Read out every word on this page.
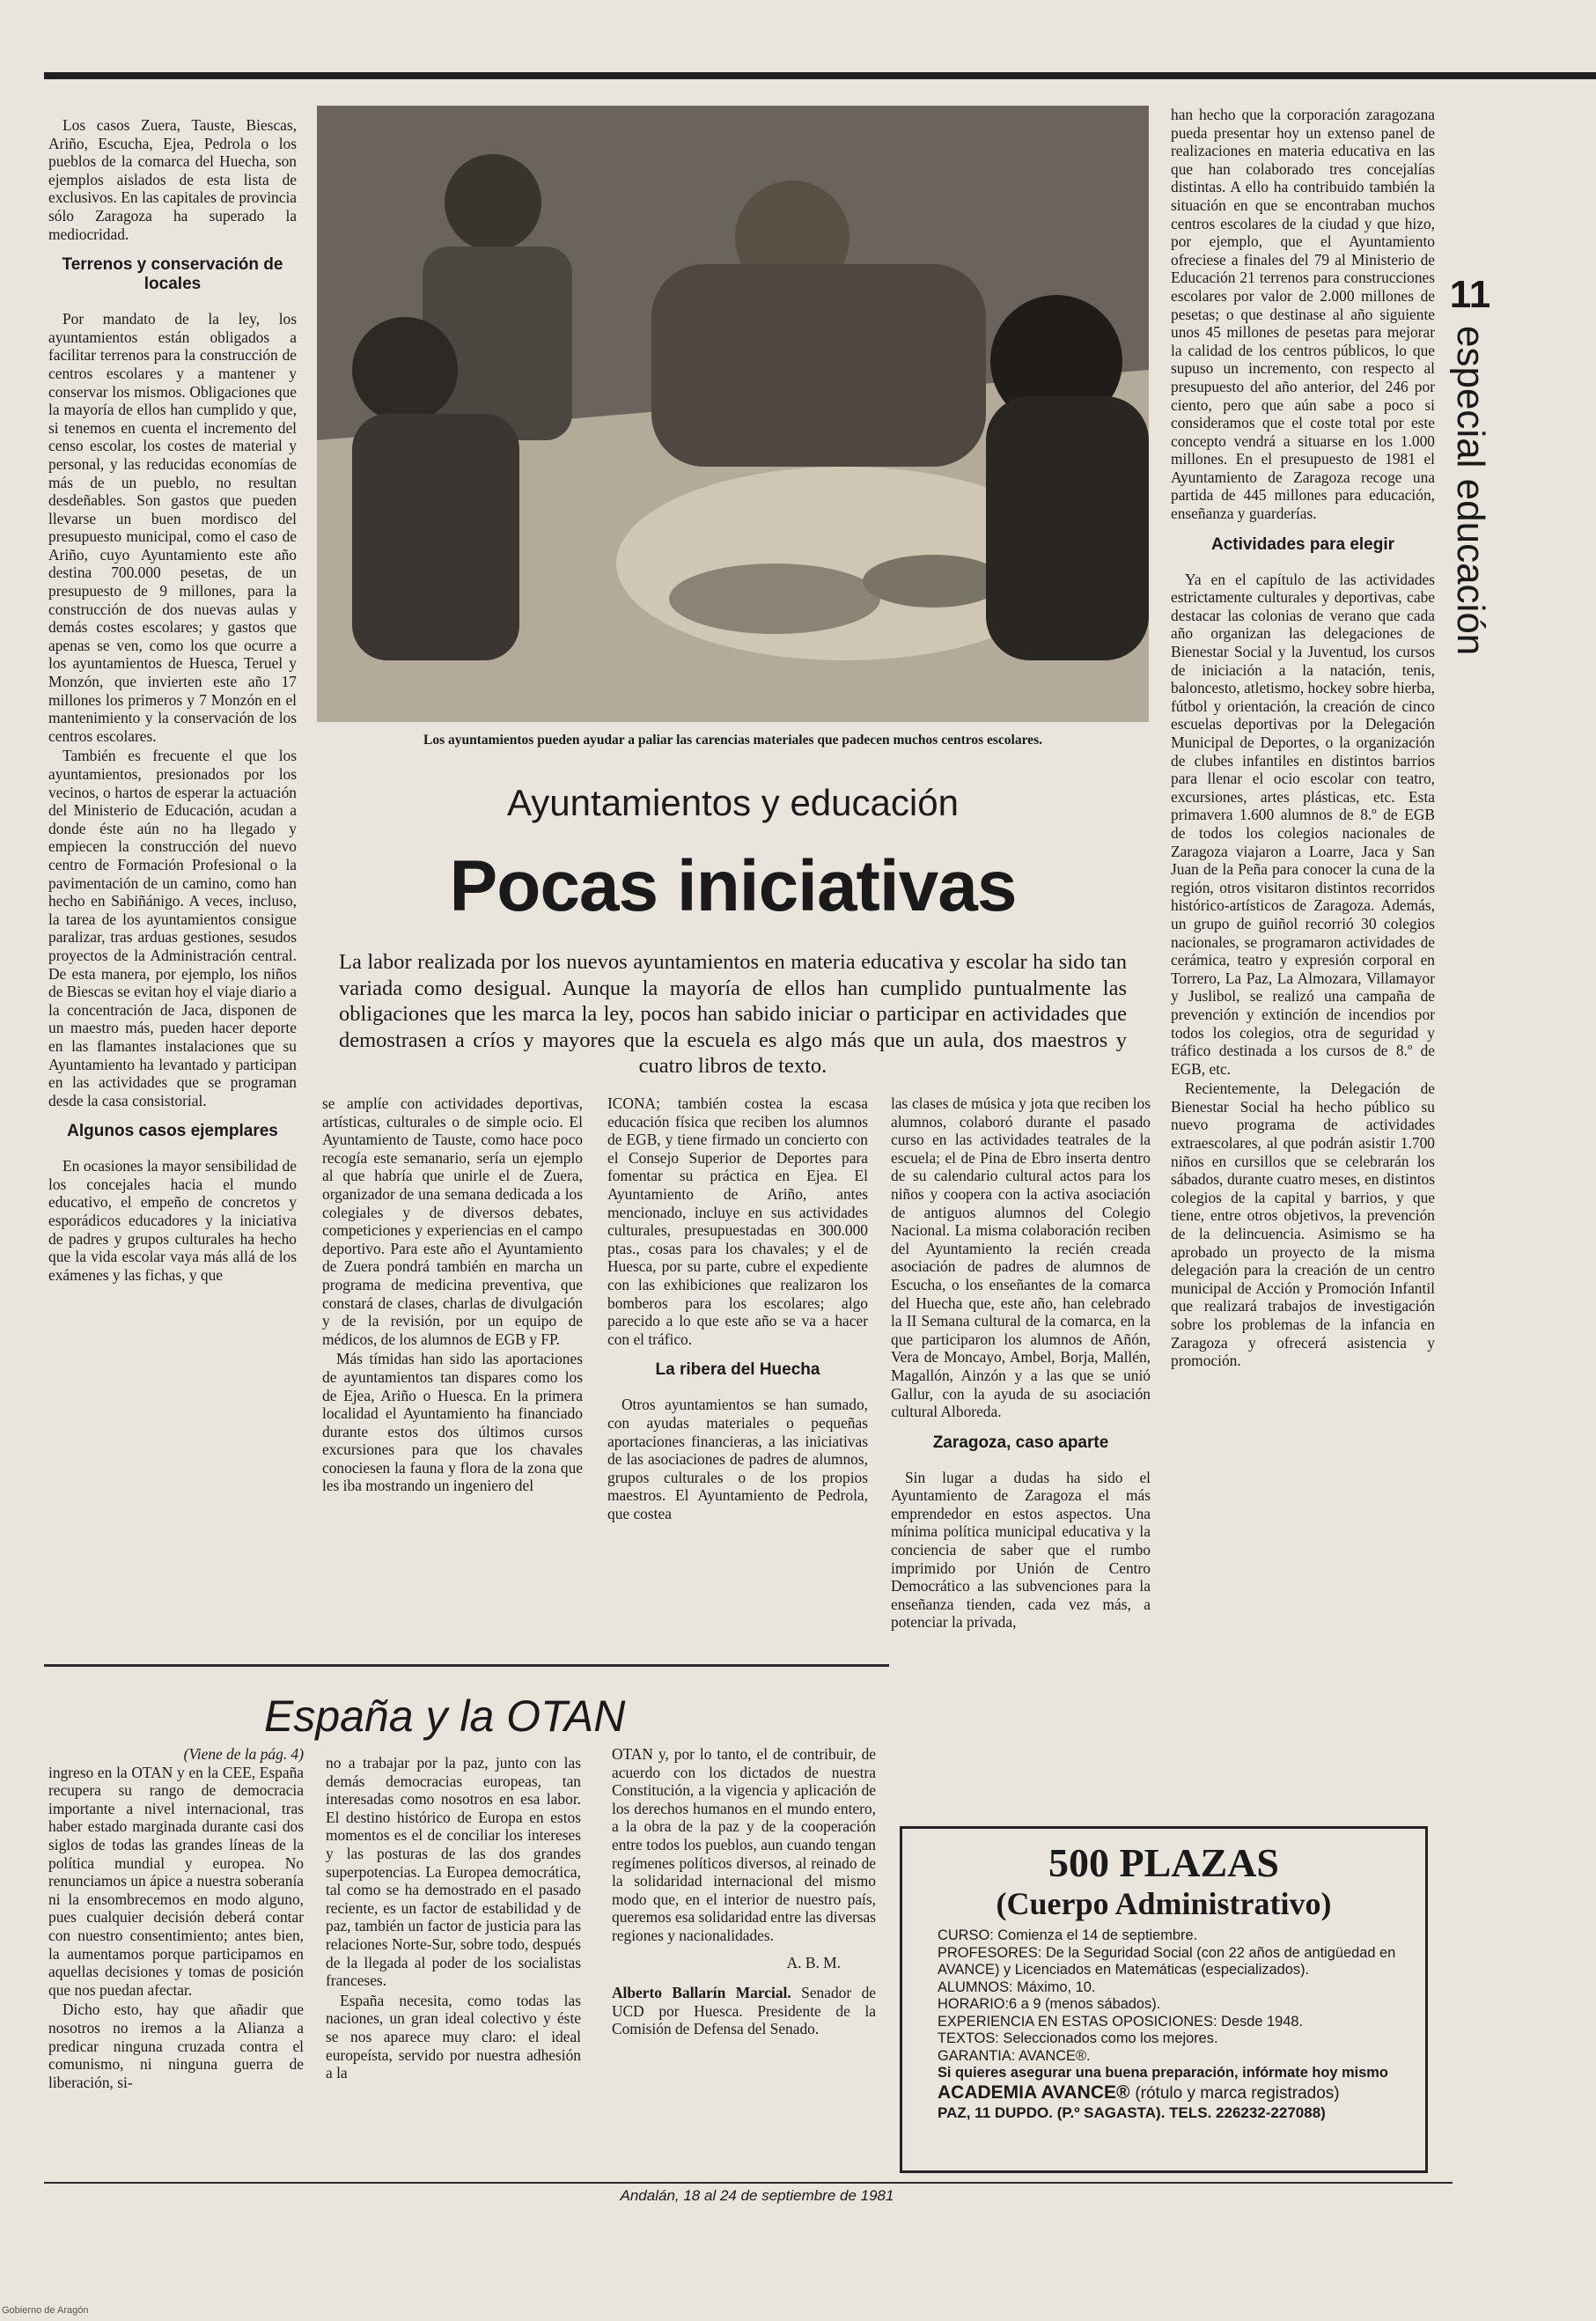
Los casos Zuera, Tauste, Biescas, Ariño, Escucha, Ejea, Pedrola o los pueblos de la comarca del Huecha, son ejemplos aislados de esta lista de exclusivos. En las capitales de provincia sólo Zaragoza ha superado la mediocridad.

Terrenos y conservación de locales

Por mandato de la ley, los ayuntamientos están obligados a facilitar terrenos para la construcción de centros escolares y a mantener y conservar los mismos. Obligaciones que la mayoría de ellos han cumplido y que, si tenemos en cuenta el incremento del censo escolar, los costes de material y personal, y las reducidas economías de más de un pueblo, no resultan desdeñables. Son gastos que pueden llevarse un buen mordisco del presupuesto municipal, como el caso de Ariño, cuyo Ayuntamiento este año destina 700.000 pesetas, de un presupuesto de 9 millones, para la construcción de dos nuevas aulas y demás costes escolares; y gastos que apenas se ven, como los que ocurre a los ayuntamientos de Huesca, Teruel y Monzón, que invierten este año 17 millones los primeros y 7 Monzón en el mantenimiento y la conservación de los centros escolares.

También es frecuente el que los ayuntamientos, presionados por los vecinos, o hartos de esperar la actuación del Ministerio de Educación, acudan a donde éste aún no ha llegado y empiecen la construcción del nuevo centro de Formación Profesional o la pavimentación de un camino, como han hecho en Sabiñánigo. A veces, incluso, la tarea de los ayuntamientos consigue paralizar, tras arduas gestiones, sesudos proyectos de la Administración central. De esta manera, por ejemplo, los niños de Biescas se evitan hoy el viaje diario a la concentración de Jaca, disponen de un maestro más, pueden hacer deporte en las flamantes instalaciones que su Ayuntamiento ha levantado y participan en las actividades que se programan desde la casa consistorial.

Algunos casos ejemplares

En ocasiones la mayor sensibilidad de los concejales hacia el mundo educativo, el empeño de concretos y esporádicos educadores y la iniciativa de padres y grupos culturales ha hecho que la vida escolar vaya más allá de los exámenes y las fichas, y que

Los ayuntamientos pueden ayudar a paliar las carencias materiales que padecen muchos centros escolares.
Ayuntamientos y educación
Pocas iniciativas
La labor realizada por los nuevos ayuntamientos en materia educativa y escolar ha sido tan variada como desigual. Aunque la mayoría de ellos han cumplido puntualmente las obligaciones que les marca la ley, pocos han sabido iniciar o participar en actividades que demostrasen a críos y mayores que la escuela es algo más que un aula, dos maestros y cuatro libros de texto.

se amplíe con actividades deportivas, artísticas, culturales o de simple ocio. El Ayuntamiento de Tauste, como hace poco recogía este semanario, sería un ejemplo al que habría que unirle el de Zuera, organizador de una semana dedicada a los colegiales y de diversos debates, competiciones y experiencias en el campo deportivo. Para este año el Ayuntamiento de Zuera pondrá también en marcha un programa de medicina preventiva, que constará de clases, charlas de divulgación y de la revisión, por un equipo de médicos, de los alumnos de EGB y FP.

Más tímidas han sido las aportaciones de ayuntamientos tan dispares como los de Ejea, Ariño o Huesca. En la primera localidad el Ayuntamiento ha financiado durante estos dos últimos cursos excursiones para que los chavales conociesen la fauna y flora de la zona que les iba mostrando un ingeniero del

ICONA; también costea la escasa educación física que reciben los alumnos de EGB, y tiene firmado un concierto con el Consejo Superior de Deportes para fomentar su práctica en Ejea. El Ayuntamiento de Ariño, antes mencionado, incluye en sus actividades culturales, presupuestadas en 300.000 ptas., cosas para los chavales; y el de Huesca, por su parte, cubre el expediente con las exhibiciones que realizaron los bomberos para los escolares; algo parecido a lo que este año se va a hacer con el tráfico.

La ribera del Huecha

Otros ayuntamientos se han sumado, con ayudas materiales o pequeñas aportaciones financieras, a las iniciativas de las asociaciones de padres de alumnos, grupos culturales o de los propios maestros. El Ayuntamiento de Pedrola, que costea

las clases de música y jota que reciben los alumnos, colaboró durante el pasado curso en las actividades teatrales de la escuela; el de Pina de Ebro inserta dentro de su calendario cultural actos para los niños y coopera con la activa asociación de antiguos alumnos del Colegio Nacional. La misma colaboración reciben del Ayuntamiento la recién creada asociación de padres de alumnos de Escucha, o los enseñantes de la comarca del Huecha que, este año, han celebrado la II Semana cultural de la comarca, en la que participaron los alumnos de Añón, Vera de Moncayo, Ambel, Borja, Mallén, Magallón, Ainzón y a las que se unió Gallur, con la ayuda de su asociación cultural Alboreda.

Zaragoza, caso aparte

Sin lugar a dudas ha sido el Ayuntamiento de Zaragoza el más emprendedor en estos aspectos. Una mínima política municipal educativa y la conciencia de saber que el rumbo imprimido por Unión de Centro Democrático a las subvenciones para la enseñanza tienden, cada vez más, a potenciar la privada,

han hecho que la corporación zaragozana pueda presentar hoy un extenso panel de realizaciones en materia educativa en las que han colaborado tres concejalías distintas. A ello ha contribuido también la situación en que se encontraban muchos centros escolares de la ciudad y que hizo, por ejemplo, que el Ayuntamiento ofreciese a finales del 79 al Ministerio de Educación 21 terrenos para construcciones escolares por valor de 2.000 millones de pesetas; o que destinase al año siguiente unos 45 millones de pesetas para mejorar la calidad de los centros públicos, lo que supuso un incremento, con respecto al presupuesto del año anterior, del 246 por ciento, pero que aún sabe a poco si consideramos que el coste total por este concepto vendrá a situarse en los 1.000 millones. En el presupuesto de 1981 el Ayuntamiento de Zaragoza recoge una partida de 445 millones para educación, enseñanza y guarderías.

Actividades para elegir

Ya en el capítulo de las actividades estrictamente culturales y deportivas, cabe destacar las colonias de verano que cada año organizan las delegaciones de Bienestar Social y la Juventud, los cursos de iniciación a la natación, tenis, baloncesto, atletismo, hockey sobre hierba, fútbol y orientación, la creación de cinco escuelas deportivas por la Delegación Municipal de Deportes, o la organización de clubes infantiles en distintos barrios para llenar el ocio escolar con teatro, excursiones, artes plásticas, etc. Esta primavera 1.600 alumnos de 8.º de EGB de todos los colegios nacionales de Zaragoza viajaron a Loarre, Jaca y San Juan de la Peña para conocer la cuna de la región, otros visitaron distintos recorridos histórico-artísticos de Zaragoza. Además, un grupo de guiñol recorrió 30 colegios nacionales, se programaron actividades de cerámica, teatro y expresión corporal en Torrero, La Paz, La Almozara, Villamayor y Juslibol, se realizó una campaña de prevención y extinción de incendios por todos los colegios, otra de seguridad y tráfico destinada a los cursos de 8.º de EGB, etc.

Recientemente, la Delegación de Bienestar Social ha hecho público su nuevo programa de actividades extraescolares, al que podrán asistir 1.700 niños en cursillos que se celebrarán los sábados, durante cuatro meses, en distintos colegios de la capital y barrios, y que tiene, entre otros objetivos, la prevención de la delincuencia. Asimismo se ha aprobado un proyecto de la misma delegación para la creación de un centro municipal de Acción y Promoción Infantil que realizará trabajos de investigación sobre los problemas de la infancia en Zaragoza y ofrecerá asistencia y promoción.

11
especial educación
España y la OTAN
(Viene de la pág. 4)

ingreso en la OTAN y en la CEE, España recupera su rango de democracia importante a nivel internacional, tras haber estado marginada durante casi dos siglos de todas las grandes líneas de la política mundial y europea. No renunciamos un ápice a nuestra soberanía ni la ensombrecemos en modo alguno, pues cualquier decisión deberá contar con nuestro consentimiento; antes bien, la aumentamos porque participamos en aquellas decisiones y tomas de posición que nos puedan afectar.

Dicho esto, hay que añadir que nosotros no iremos a la Alianza a predicar ninguna cruzada contra el comunismo, ni ninguna guerra de liberación, si-

no a trabajar por la paz, junto con las demás democracias europeas, tan interesadas como nosotros en esa labor. El destino histórico de Europa en estos momentos es el de conciliar los intereses y las posturas de las dos grandes superpotencias. La Europea democrática, tal como se ha demostrado en el pasado reciente, es un factor de estabilidad y de paz, también un factor de justicia para las relaciones Norte-Sur, sobre todo, después de la llegada al poder de los socialistas franceses.

España necesita, como todas las naciones, un gran ideal colectivo y éste se nos aparece muy claro: el ideal europeísta, servido por nuestra adhesión a la

OTAN y, por lo tanto, el de contribuir, de acuerdo con los dictados de nuestra Constitución, a la vigencia y aplicación de los derechos humanos en el mundo entero, a la obra de la paz y de la cooperación entre todos los pueblos, aun cuando tengan regímenes políticos diversos, al reinado de la solidaridad internacional del mismo modo que, en el interior de nuestro país, queremos esa solidaridad entre las diversas regiones y nacionalidades.

A. B. M.
Alberto Ballarín Marcial. Senador de UCD por Huesca. Presidente de la Comisión de Defensa del Senado.
500 PLAZAS
(Cuerpo Administrativo)
CURSO: Comienza el 14 de septiembre.
PROFESORES: De la Seguridad Social (con 22 años de antigüedad en AVANCE) y Licenciados en Matemáticas (especializados).
ALUMNOS: Máximo, 10.
HORARIO:6 a 9 (menos sábados).
EXPERIENCIA EN ESTAS OPOSICIONES: Desde 1948.
TEXTOS: Seleccionados como los mejores.
GARANTIA: AVANCE®.
Si quieres asegurar una buena preparación, infórmate hoy mismo
ACADEMIA AVANCE® (rótulo y marca registrados)
PAZ, 11 DUPDO. (P.º SAGASTA). TELS. 226232-227088)
Andalán, 18 al 24 de septiembre de 1981
Gobierno de Aragón
